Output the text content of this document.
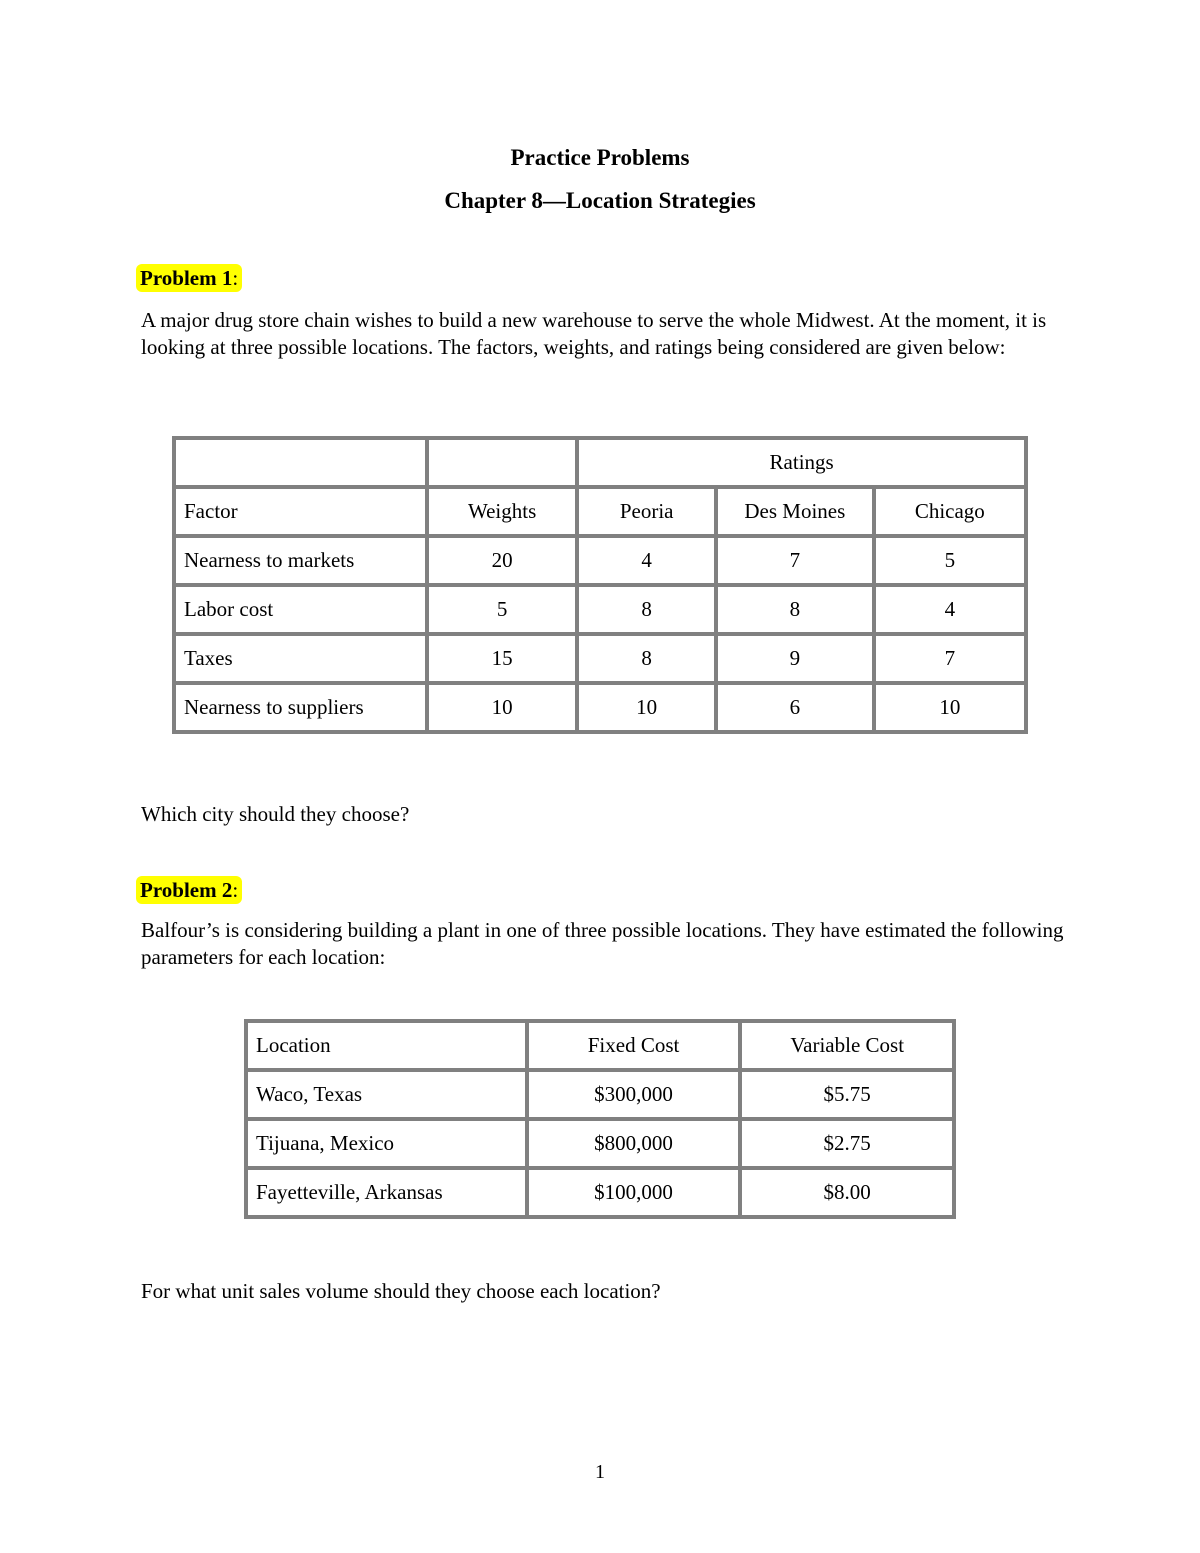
Practice Problems
Chapter 8—Location Strategies
Problem 1:
A major drug store chain wishes to build a new warehouse to serve the whole Midwest. At the moment, it is looking at three possible locations. The factors, weights, and ratings being considered are given below:
		Ratings		
Factor	Weights	Peoria	Des Moines	Chicago
Nearness to markets	20	4	7	5
Labor cost	5	8	8	4
Taxes	15	8	9	7
Nearness to suppliers	10	10	6	10
Which city should they choose?
Problem 2:
Balfour’s is considering building a plant in one of three possible locations. They have estimated the following parameters for each location:
Location	Fixed Cost	Variable Cost
Waco, Texas	$300,000	$5.75
Tijuana, Mexico	$800,000	$2.75
Fayetteville, Arkansas	$100,000	$8.00
For what unit sales volume should they choose each location?
1
